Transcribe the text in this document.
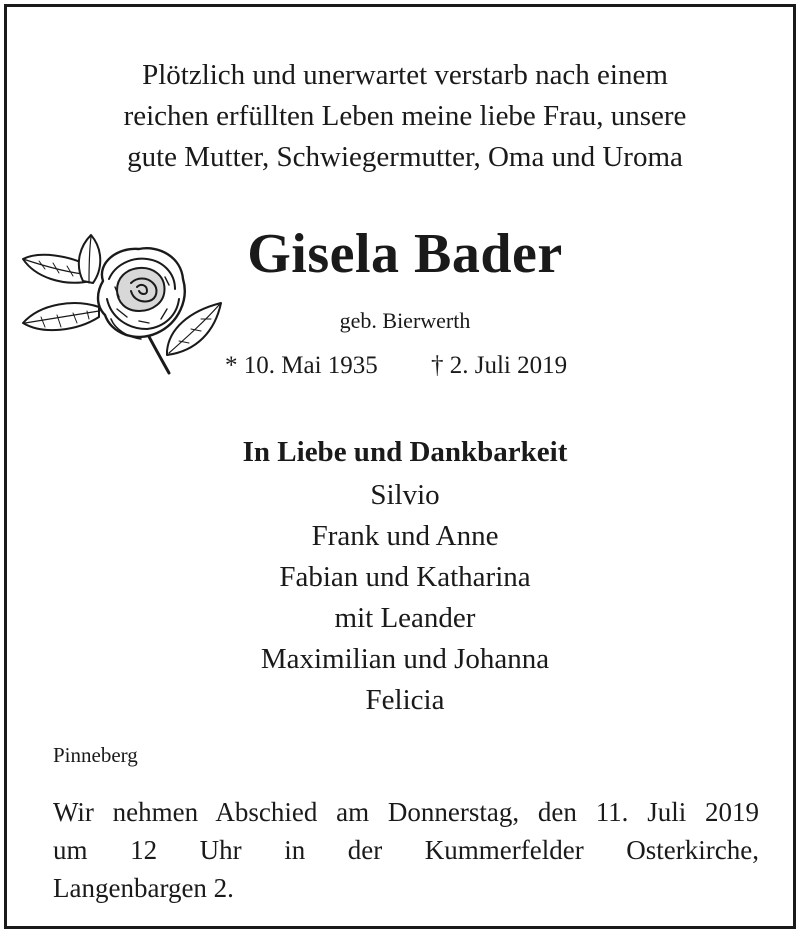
Plötzlich und unerwartet verstarb nach einem
reichen erfüllten Leben meine liebe Frau, unsere
gute Mutter, Schwiegermutter, Oma und Uroma
Gisela Bader
geb. Bierwerth
* 10. Mai 1935 † 2. Juli 2019
In Liebe und Dankbarkeit
Silvio
Frank und Anne
Fabian und Katharina
mit Leander
Maximilian und Johanna
Felicia
Pinneberg
Wir nehmen Abschied am Donnerstag, den 11. Juli 2019
um 12 Uhr in der Kummerfelder Osterkirche,
Langenbargen 2.
